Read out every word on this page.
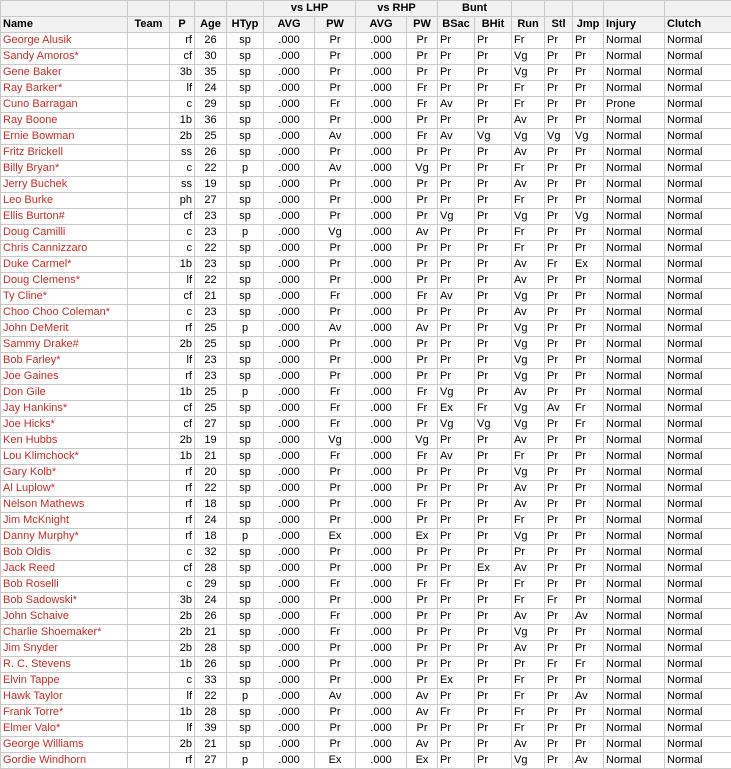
					vs LHP		vs RHP		Bunt						
Name	Team	P	Age	HTyp	AVG	PW	AVG	PW	BSac	BHit	Run	Stl	Jmp	Injury	Clutch
George Alusik		rf	26	sp	.000	Pr	.000	Pr	Pr	Pr	Fr	Pr	Pr	Normal	Normal
Sandy Amoros*		cf	30	sp	.000	Pr	.000	Pr	Pr	Pr	Vg	Pr	Pr	Normal	Normal
Gene Baker		3b	35	sp	.000	Pr	.000	Pr	Pr	Pr	Vg	Pr	Pr	Normal	Normal
Ray Barker*		lf	24	sp	.000	Pr	.000	Fr	Pr	Pr	Fr	Pr	Pr	Normal	Normal
Cuno Barragan		c	29	sp	.000	Fr	.000	Fr	Av	Pr	Fr	Pr	Pr	Prone	Normal
Ray Boone		1b	36	sp	.000	Pr	.000	Pr	Pr	Pr	Av	Pr	Pr	Normal	Normal
Ernie Bowman		2b	25	sp	.000	Av	.000	Fr	Av	Vg	Vg	Vg	Vg	Normal	Normal
Fritz Brickell		ss	26	sp	.000	Pr	.000	Pr	Pr	Pr	Av	Pr	Pr	Normal	Normal
Billy Bryan*		c	22	p	.000	Av	.000	Vg	Pr	Pr	Fr	Pr	Pr	Normal	Normal
Jerry Buchek		ss	19	sp	.000	Pr	.000	Pr	Pr	Pr	Av	Pr	Pr	Normal	Normal
Leo Burke		ph	27	sp	.000	Pr	.000	Pr	Pr	Pr	Fr	Pr	Pr	Normal	Normal
Ellis Burton#		cf	23	sp	.000	Pr	.000	Pr	Vg	Pr	Vg	Pr	Vg	Normal	Normal
Doug Camilli		c	23	p	.000	Vg	.000	Av	Pr	Pr	Fr	Pr	Pr	Normal	Normal
Chris Cannizzaro		c	22	sp	.000	Pr	.000	Pr	Pr	Pr	Fr	Pr	Pr	Normal	Normal
Duke Carmel*		1b	23	sp	.000	Pr	.000	Pr	Pr	Pr	Av	Fr	Ex	Normal	Normal
Doug Clemens*		lf	22	sp	.000	Pr	.000	Pr	Pr	Pr	Av	Pr	Pr	Normal	Normal
Ty Cline*		cf	21	sp	.000	Fr	.000	Fr	Av	Pr	Vg	Pr	Pr	Normal	Normal
Choo Choo Coleman*		c	23	sp	.000	Pr	.000	Pr	Pr	Pr	Av	Pr	Pr	Normal	Normal
John DeMerit		rf	25	p	.000	Av	.000	Av	Pr	Pr	Vg	Pr	Pr	Normal	Normal
Sammy Drake#		2b	25	sp	.000	Pr	.000	Pr	Pr	Pr	Vg	Pr	Pr	Normal	Normal
Bob Farley*		lf	23	sp	.000	Pr	.000	Pr	Pr	Pr	Vg	Pr	Pr	Normal	Normal
Joe Gaines		rf	23	sp	.000	Pr	.000	Pr	Pr	Pr	Vg	Pr	Pr	Normal	Normal
Don Gile		1b	25	p	.000	Fr	.000	Fr	Vg	Pr	Av	Pr	Pr	Normal	Normal
Jay Hankins*		cf	25	sp	.000	Fr	.000	Fr	Ex	Fr	Vg	Av	Fr	Normal	Normal
Joe Hicks*		cf	27	sp	.000	Fr	.000	Pr	Vg	Vg	Vg	Pr	Fr	Normal	Normal
Ken Hubbs		2b	19	sp	.000	Vg	.000	Vg	Pr	Pr	Av	Pr	Pr	Normal	Normal
Lou Klimchock*		1b	21	sp	.000	Fr	.000	Fr	Av	Pr	Fr	Pr	Pr	Normal	Normal
Gary Kolb*		rf	20	sp	.000	Pr	.000	Pr	Pr	Pr	Vg	Pr	Pr	Normal	Normal
Al Luplow*		rf	22	sp	.000	Pr	.000	Pr	Pr	Pr	Av	Pr	Pr	Normal	Normal
Nelson Mathews		rf	18	sp	.000	Pr	.000	Fr	Pr	Pr	Av	Pr	Pr	Normal	Normal
Jim McKnight		rf	24	sp	.000	Pr	.000	Pr	Pr	Pr	Fr	Pr	Pr	Normal	Normal
Danny Murphy*		rf	18	p	.000	Ex	.000	Ex	Pr	Pr	Vg	Pr	Pr	Normal	Normal
Bob Oldis		c	32	sp	.000	Pr	.000	Pr	Pr	Pr	Pr	Pr	Pr	Normal	Normal
Jack Reed		cf	28	sp	.000	Pr	.000	Pr	Pr	Ex	Av	Pr	Pr	Normal	Normal
Bob Roselli		c	29	sp	.000	Fr	.000	Fr	Fr	Pr	Fr	Pr	Pr	Normal	Normal
Bob Sadowski*		3b	24	sp	.000	Pr	.000	Pr	Pr	Pr	Fr	Fr	Pr	Normal	Normal
John Schaive		2b	26	sp	.000	Fr	.000	Pr	Pr	Pr	Av	Pr	Av	Normal	Normal
Charlie Shoemaker*		2b	21	sp	.000	Fr	.000	Pr	Pr	Pr	Vg	Pr	Pr	Normal	Normal
Jim Snyder		2b	28	sp	.000	Pr	.000	Pr	Pr	Pr	Av	Pr	Pr	Normal	Normal
R. C. Stevens		1b	26	sp	.000	Pr	.000	Pr	Pr	Pr	Pr	Fr	Fr	Normal	Normal
Elvin Tappe		c	33	sp	.000	Pr	.000	Pr	Ex	Pr	Fr	Pr	Pr	Normal	Normal
Hawk Taylor		lf	22	p	.000	Av	.000	Av	Pr	Pr	Fr	Pr	Av	Normal	Normal
Frank Torre*		1b	28	sp	.000	Pr	.000	Av	Fr	Pr	Fr	Pr	Pr	Normal	Normal
Elmer Valo*		lf	39	sp	.000	Pr	.000	Pr	Pr	Pr	Fr	Pr	Pr	Normal	Normal
George Williams		2b	21	sp	.000	Pr	.000	Av	Pr	Pr	Av	Pr	Pr	Normal	Normal
Gordie Windhorn		rf	27	p	.000	Ex	.000	Ex	Pr	Pr	Vg	Pr	Av	Normal	Normal
